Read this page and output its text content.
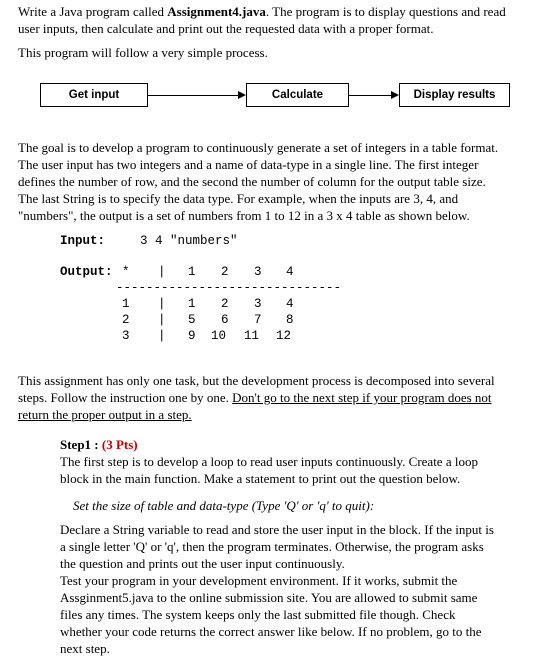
Write a Java program called Assignment4.java. The program is to display questions and read
user inputs, then calculate and print out the requested data with a proper format.
This program will follow a very simple process.
Get input	Calculate	Display results
The goal is to develop a program to continuously generate a set of integers in a table format.
The user input has two integers and a name of data-type in a single line. The first integer
defines the number of row, and the second the number of column for the output table size.
The last String is to specify the data type. For example, when the inputs are 3, 4, and
"numbers", the output is a set of numbers from 1 to 12 in a 3 x 4 table as shown below.
Input:	3 4 "numbers"
Output: * | 1 2 3 4
------------------------------
1 | 1 2 3 4
2 | 5 6 7 8
3 | 9 10 11 12
This assignment has only one task, but the development process is decomposed into several
steps. Follow the instruction one by one. Don't go to the next step if your program does not
return the proper output in a step.
Step1 : (3 Pts)
The first step is to develop a loop to read user inputs continuously. Create a loop
block in the main function. Make a statement to print out the question below.
Set the size of table and data-type (Type 'Q' or 'q' to quit):
Declare a String variable to read and store the user input in the block. If the input is
a single letter 'Q' or 'q', then the program terminates. Otherwise, the program asks
the question and prints out the user input continuously.
Test your program in your development environment. If it works, submit the
Assginment5.java to the online submission site. You are allowed to submit same
files any times. The system keeps only the last submitted file though. Check
whether your code returns the correct answer like below. If no problem, go to the
next step.
